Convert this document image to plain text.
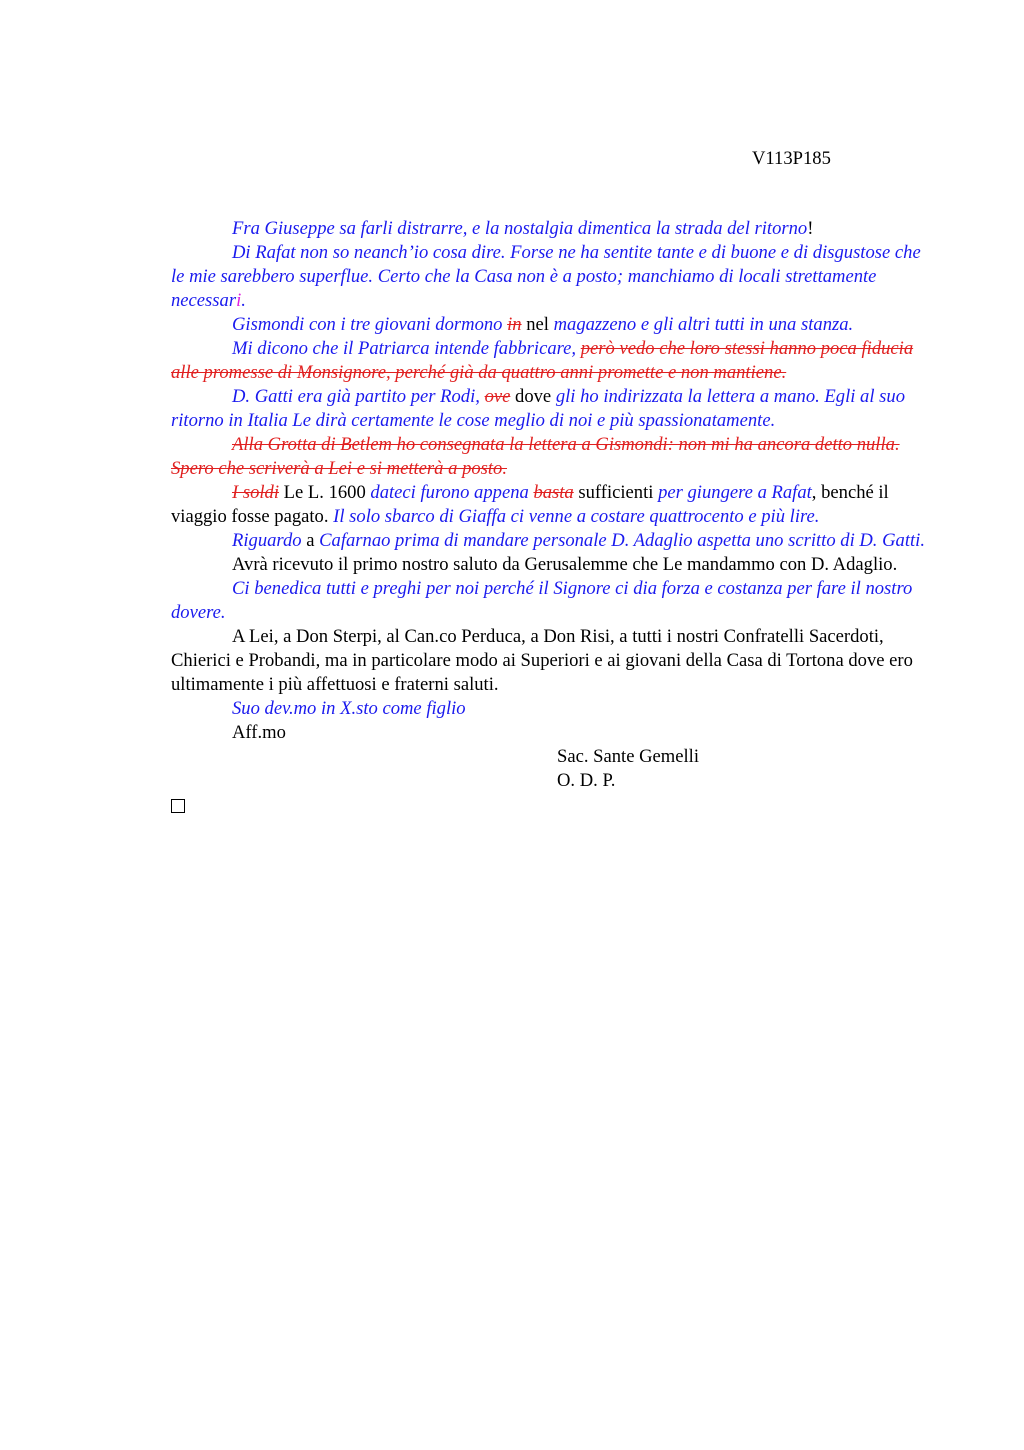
V113P185

Fra Giuseppe sa farli distrarre, e la nostalgia dimentica la strada del ritorno!

Di Rafat non so neanch’io cosa dire. Forse ne ha sentite tante e di buone e di disgustose che le mie sarebbero superflue. Certo che la Casa non è a posto; manchiamo di locali strettamente necessari.

Gismondi con i tre giovani dormono in nel magazzeno e gli altri tutti in una stanza.

Mi dicono che il Patriarca intende fabbricare, però vedo che loro stessi hanno poca fiducia alle promesse di Monsignore, perché già da quattro anni promette e non mantiene.

D. Gatti era già partito per Rodi, ove dove gli ho indirizzata la lettera a mano. Egli al suo ritorno in Italia Le dirà certamente le cose meglio di noi e più spassionatamente.

Alla Grotta di Betlem ho consegnata la lettera a Gismondi: non mi ha ancora detto nulla. Spero che scriverà a Lei e si metterà a posto.

I soldi Le L. 1600 dateci furono appena basta sufficienti per giungere a Rafat, benché il viaggio fosse pagato. Il solo sbarco di Giaffa ci venne a costare quattrocento e più lire.

Riguardo a Cafarnao prima di mandare personale D. Adaglio aspetta uno scritto di D. Gatti.

Avrà ricevuto il primo nostro saluto da Gerusalemme che Le mandammo con D. Adaglio.

Ci benedica tutti e preghi per noi perché il Signore ci dia forza e costanza per fare il nostro dovere.

A Lei, a Don Sterpi, al Can.co Perduca, a Don Risi, a tutti i nostri Confratelli Sacerdoti, Chierici e Probandi, ma in particolare modo ai Superiori e ai giovani della Casa di Tortona dove ero ultimamente i più affettuosi e fraterni saluti.

Suo dev.mo in X.sto come figlio

Aff.mo

Sac. Sante Gemelli
O. D. P.
